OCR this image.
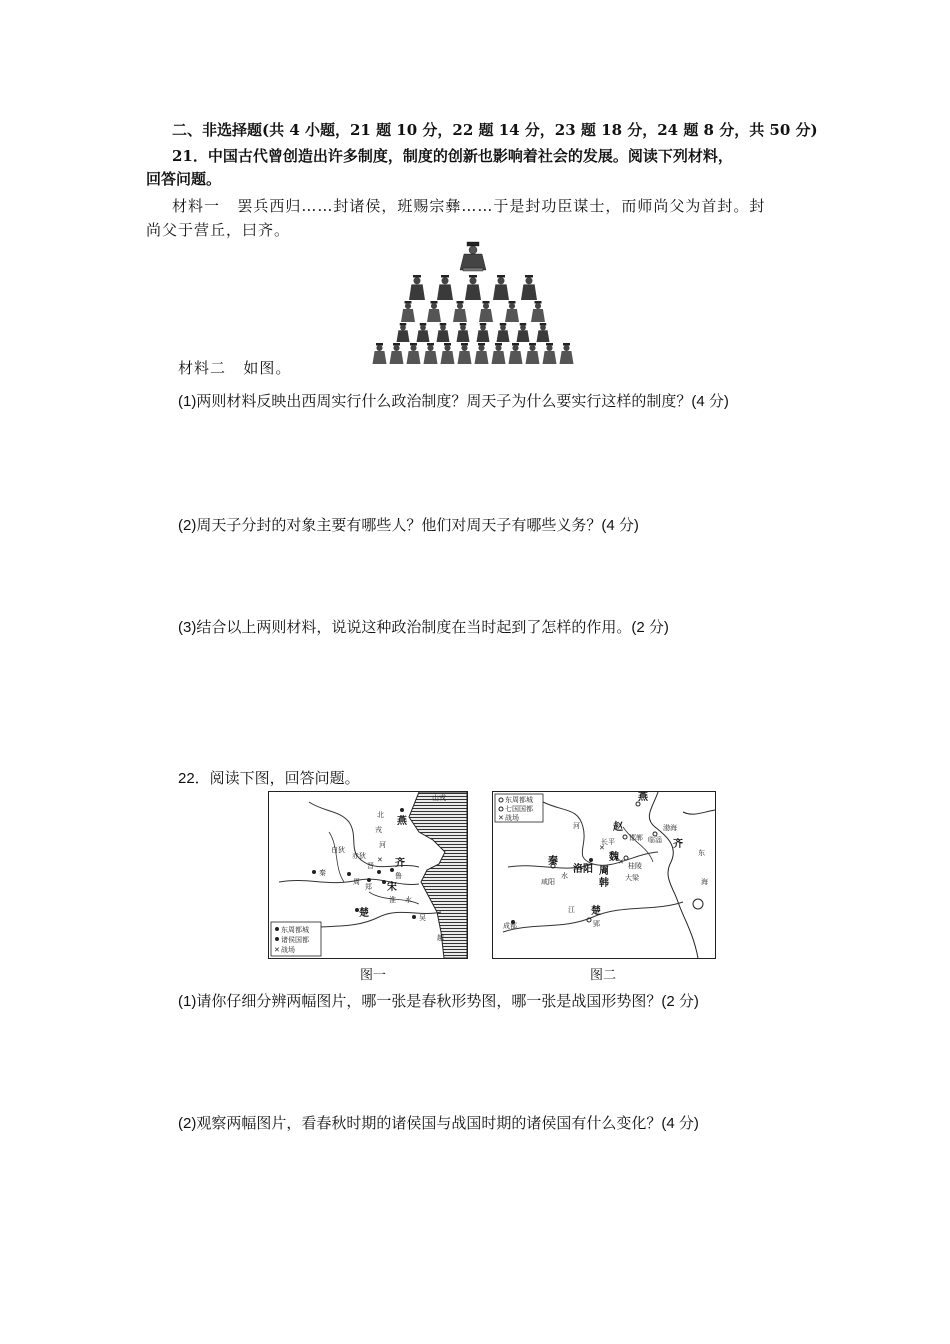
二、非选择题(共 4 小题，21 题 10 分，22 题 14 分，23 题 18 分，24 题 8 分，共 50 分)
21．中国古代曾创造出许多制度，制度的创新也影响着社会的发展。阅读下列材料，
回答问题。
材料一 罢兵西归……封诸侯，班赐宗彝……于是封功臣谋士，而师尚父为首封。封
尚父于营丘，曰齐。
材料二 如图。
(1)两则材料反映出西周实行什么政治制度？周天子为什么要实行这样的制度？(4 分)
(2)周天子分封的对象主要有哪些人？他们对周天子有哪些义务？(4 分)
(3)结合以上两则材料，说说这种政治制度在当时起到了怎样的作用。(2 分)
22．阅读下图，回答问题。
✕
山戎
北
戎
燕
白狄
赤狄
河
晋 齐
鲁
秦
周
郑 宋
淮 水
楚	吴
越
东周都城
诸侯国都
✕ 战场
✕
✕
燕
赵	渤海
齐
东
海
长平 邯郸 临淄
魏
桂陵
秦
洛阳 周
韩 大梁
咸阳
水
河
江 楚
郢
成都
东周都城
七国国都
✕ 战场
图一	图二
(1)请你仔细分辨两幅图片，哪一张是春秋形势图，哪一张是战国形势图？(2 分)
(2)观察两幅图片，看春秋时期的诸侯国与战国时期的诸侯国有什么变化？(4 分)
